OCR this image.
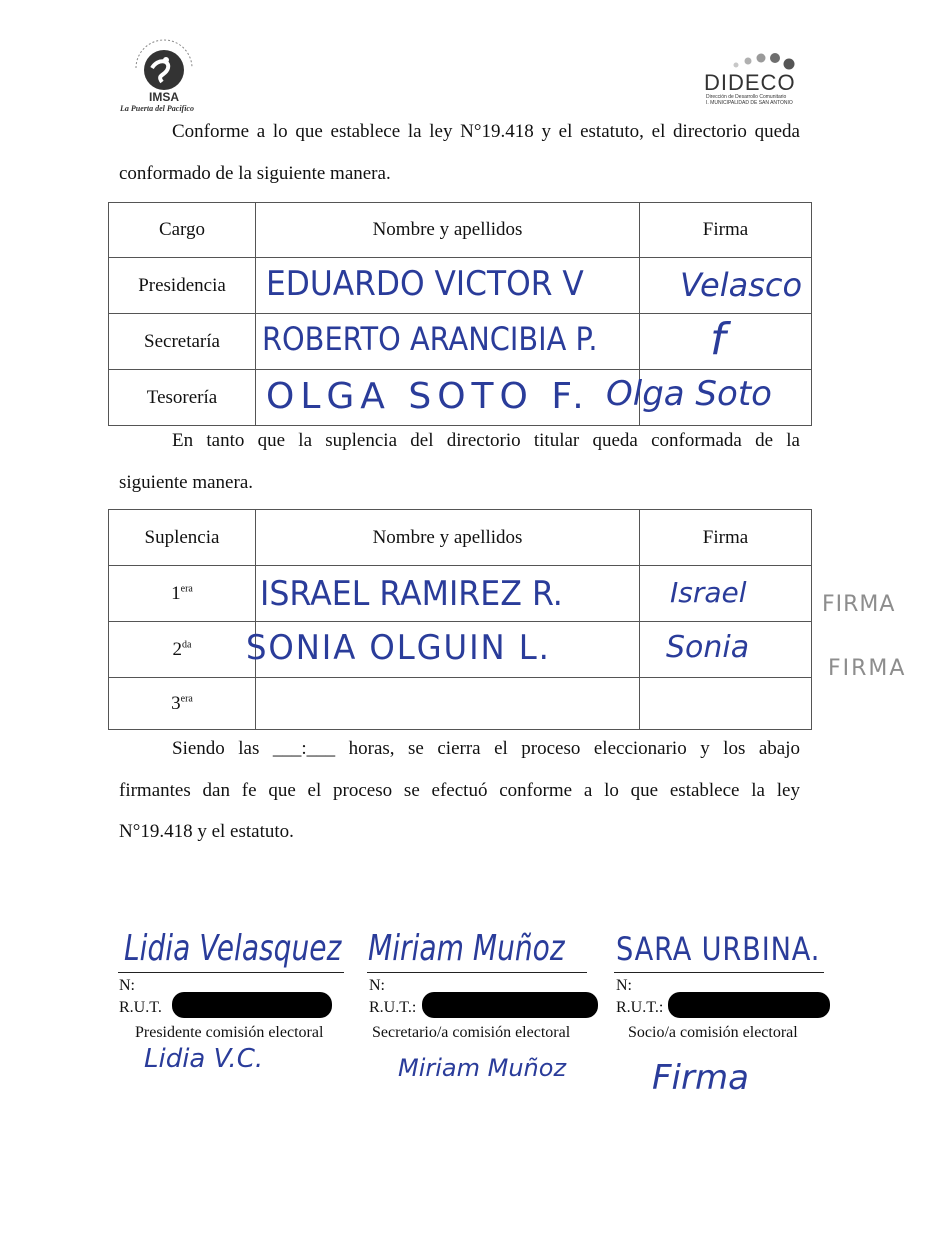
IMSA
La Puerta del Pacifico
DIDECO
Dirección de Desarrollo Comunitario
I. MUNICIPALIDAD DE SAN ANTONIO
Conforme a lo que establece la ley N°19.418 y el estatuto, el directorio queda
conformado de la siguiente manera.
Cargo	Nombre y apellidos	Firma
Presidencia	EDUARDO VICTOR V	Velasco

Secretaría	ROBERTO ARANCIBIA P.	f

Tesorería	OLGA SOTO F.	Olga Soto
En tanto que la suplencia del directorio titular queda conformada de la
siguiente manera.
Suplencia	Nombre y apellidos	Firma
$1^{era}$	ISRAEL RAMIREZ R.	Israel

$2^{da}$	SONIA OLGUIN L.	Sonia

$3^{era}$		
FIRMA
FIRMA
Siendo las ___:___ horas, se cierra el proceso eleccionario y los abajo
firmantes dan fe que el proceso se efectuó conforme a lo que establece la ley
N°19.418 y el estatuto.
Lidia Velasquez
N:
R.U.T.
Presidente comisión electoral
Lidia V.C.
Miriam Muñoz
N:
R.U.T.:
Secretario/a comisión electoral
Miriam Muñoz
SARA URBINA.
N:
R.U.T.:
Socio/a comisión electoral
Firma
